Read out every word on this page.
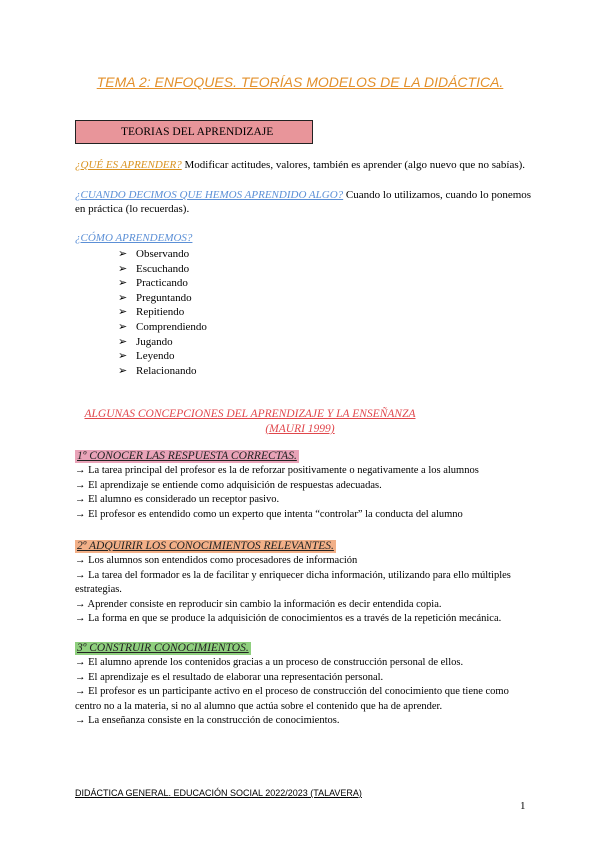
TEMA 2: ENFOQUES. TEORÍAS MODELOS DE LA DIDÁCTICA.
TEORIAS DEL APRENDIZAJE
¿QUÉ ES APRENDER? Modificar actitudes, valores, también es aprender (algo nuevo que no sabías).
¿CUANDO DECIMOS QUE HEMOS APRENDIDO ALGO? Cuando lo utilizamos, cuando lo ponemos en práctica (lo recuerdas).
¿CÓMO APRENDEMOS?
➢ Observando
➢ Escuchando
➢ Practicando
➢ Preguntando
➢ Repitiendo
➢ Comprendiendo
➢ Jugando
➢ Leyendo
➢ Relacionando
ALGUNAS CONCEPCIONES DEL APRENDIZAJE Y LA ENSEÑANZA
(MAURI 1999)
1º CONOCER LAS RESPUESTA CORRECTAS.
→ La tarea principal del profesor es la de reforzar positivamente o negativamente a los alumnos
→ El aprendizaje se entiende como adquisición de respuestas adecuadas.
→ El alumno es considerado un receptor pasivo.
→ El profesor es entendido como un experto que intenta “controlar” la conducta del alumno
2º ADQUIRIR LOS CONOCIMIENTOS RELEVANTES.
→ Los alumnos son entendidos como procesadores de información
→ La tarea del formador es la de facilitar y enriquecer dicha información, utilizando para ello múltiples estrategias.
→ Aprender consiste en reproducir sin cambio la información es decir entendida copia.
→ La forma en que se produce la adquisición de conocimientos es a través de la repetición mecánica.
3º CONSTRUIR CONOCIMIENTOS.
→ El alumno aprende los contenidos gracias a un proceso de construcción personal de ellos.
→ El aprendizaje es el resultado de elaborar una representación personal.
→ El profesor es un participante activo en el proceso de construcción del conocimiento que tiene como centro no a la materia, si no al alumno que actúa sobre el contenido que ha de aprender.
→ La enseñanza consiste en la construcción de conocimientos.
DIDÁCTICA GENERAL. EDUCACIÓN SOCIAL 2022/2023 (TALAVERA)
1
